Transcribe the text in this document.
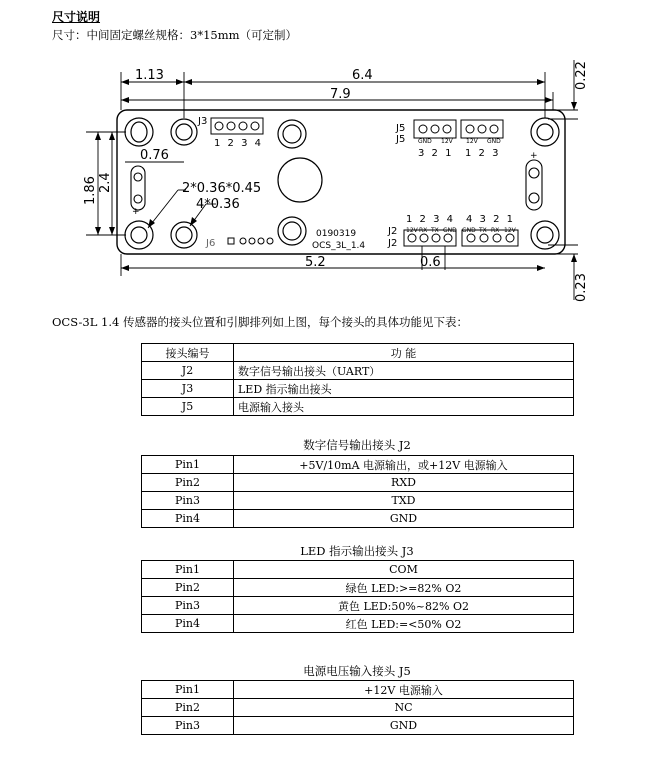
尺寸说明
尺寸：中间固定螺丝规格：3*15mm（可定制）
1.13	6.4
7.9
0.76
2*0.36*0.45
4*0.36
5.2	0.6
1.86 2.4
0.22
0.23
J3
1 2 3 4
J5
J5 GND 12V 12V GND
3 2 1 1 2 3
1 2 3 4 4 3 2 1
12V RX TX GND GND TX RX 12V
J2
J2
J6
0190319
OCS_3L_1.4
+
+
OCS-3L 1.4 传感器的接头位置和引脚排列如上图，每个接头的具体功能见下表：
接头编号	功 能
J2	数字信号输出接头（UART）
J3	LED 指示输出接头
J5	电源输入接头
数字信号输出接头 J2
Pin1	+5V/10mA 电源输出，或+12V 电源输入
Pin2	RXD
Pin3	TXD
Pin4	GND
LED 指示输出接头 J3
Pin1	COM
Pin2	绿色 LED:>=82% O2
Pin3	黄色 LED:50%~82% O2
Pin4	红色 LED:=<50% O2
电源电压输入接头 J5
Pin1	+12V 电源输入
Pin2	NC
Pin3	GND
